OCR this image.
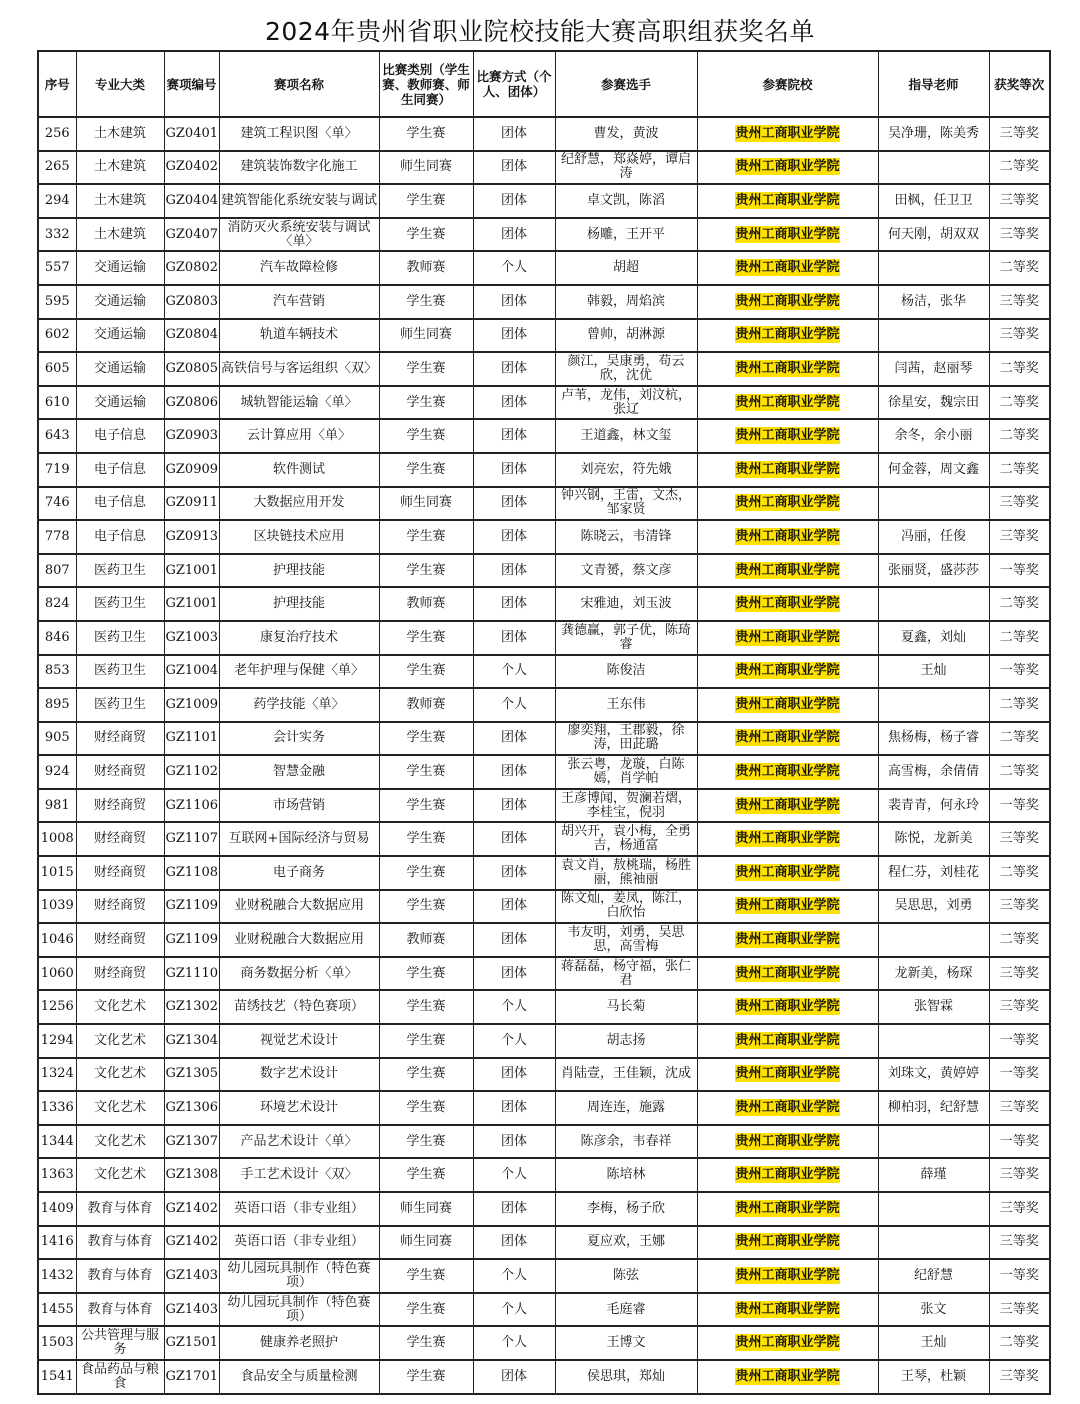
2024年贵州省职业院校技能大赛高职组获奖名单
序号	专业大类	赛项编号	赛项名称	比赛类别（学生赛、教师赛、师生同赛）	比赛方式（个人、团体）	参赛选手	参赛院校	指导老师	获奖等次
256	土木建筑	GZ0401	建筑工程识图〈单〉	学生赛	团体	曹发，黄波	贵州工商职业学院	吴净珊，陈美秀	三等奖
265	土木建筑	GZ0402	建筑装饰数字化施工	师生同赛	团体	纪舒慧，郑焱婷，谭启涛	贵州工商职业学院		二等奖
294	土木建筑	GZ0404	建筑智能化系统安装与调试	学生赛	团体	卓文凯，陈滔	贵州工商职业学院	田枫，任卫卫	三等奖
332	土木建筑	GZ0407	消防灭火系统安装与调试〈单〉	学生赛	团体	杨雕，王开平	贵州工商职业学院	何天刚，胡双双	三等奖
557	交通运输	GZ0802	汽车故障检修	教师赛	个人	胡超	贵州工商职业学院		二等奖
595	交通运输	GZ0803	汽车营销	学生赛	团体	韩毅，周焰滨	贵州工商职业学院	杨洁，张华	三等奖
602	交通运输	GZ0804	轨道车辆技术	师生同赛	团体	曾帅，胡淋源	贵州工商职业学院		三等奖
605	交通运输	GZ0805	高铁信号与客运组织〈双〉	学生赛	团体	颜江，吴康勇，苟云欣，沈优	贵州工商职业学院	闫茜，赵丽琴	二等奖
610	交通运输	GZ0806	城轨智能运输〈单〉	学生赛	团体	卢苇，龙伟，刘汶杭，张辽	贵州工商职业学院	徐星安，魏宗田	二等奖
643	电子信息	GZ0903	云计算应用〈单〉	学生赛	团体	王道鑫，林文玺	贵州工商职业学院	余冬，余小丽	二等奖
719	电子信息	GZ0909	软件测试	学生赛	团体	刘亮宏，符先娥	贵州工商职业学院	何金蓉，周文鑫	二等奖
746	电子信息	GZ0911	大数据应用开发	师生同赛	团体	钟兴钢，王雷，文杰，邹家贤	贵州工商职业学院		三等奖
778	电子信息	GZ0913	区块链技术应用	学生赛	团体	陈晓云，韦清锋	贵州工商职业学院	冯丽，任俊	三等奖
807	医药卫生	GZ1001	护理技能	学生赛	团体	文青赟，蔡文彦	贵州工商职业学院	张丽贤，盛莎莎	一等奖
824	医药卫生	GZ1001	护理技能	教师赛	团体	宋雅迪，刘玉波	贵州工商职业学院		二等奖
846	医药卫生	GZ1003	康复治疗技术	学生赛	团体	龚德赢，郭子优，陈琦睿	贵州工商职业学院	夏鑫，刘灿	二等奖
853	医药卫生	GZ1004	老年护理与保健〈单〉	学生赛	个人	陈俊洁	贵州工商职业学院	王灿	一等奖
895	医药卫生	GZ1009	药学技能〈单〉	教师赛	个人	王东伟	贵州工商职业学院		二等奖
905	财经商贸	GZ1101	会计实务	学生赛	团体	廖奕翔，王郡毅，徐涛，田茈璐	贵州工商职业学院	焦杨梅，杨子睿	二等奖
924	财经商贸	GZ1102	智慧金融	学生赛	团体	张云粤，龙璇，白陈嫣，肖学帕	贵州工商职业学院	高雪梅，余倩倩	二等奖
981	财经商贸	GZ1106	市场营销	学生赛	团体	王彦博闻，贺澜若熠，李桂宝，倪羽	贵州工商职业学院	裴青青，何永玲	一等奖
1008	财经商贸	GZ1107	互联网+国际经济与贸易	学生赛	团体	胡兴开，袁小梅，全勇吉，杨通富	贵州工商职业学院	陈悦，龙新美	三等奖
1015	财经商贸	GZ1108	电子商务	学生赛	团体	袁文肖，敖桃瑞，杨胜丽，熊袖丽	贵州工商职业学院	程仁芬，刘桂花	二等奖
1039	财经商贸	GZ1109	业财税融合大数据应用	学生赛	团体	陈文灿，姜凤，陈江，白欣怡	贵州工商职业学院	吴思思，刘勇	三等奖
1046	财经商贸	GZ1109	业财税融合大数据应用	教师赛	团体	韦友明，刘勇，吴思思，高雪梅	贵州工商职业学院		二等奖
1060	财经商贸	GZ1110	商务数据分析〈单〉	学生赛	团体	蒋磊磊，杨守福，张仁君	贵州工商职业学院	龙新美，杨琛	三等奖
1256	文化艺术	GZ1302	苗绣技艺（特色赛项）	学生赛	个人	马长菊	贵州工商职业学院	张智霖	三等奖
1294	文化艺术	GZ1304	视觉艺术设计	学生赛	个人	胡志扬	贵州工商职业学院		一等奖
1324	文化艺术	GZ1305	数字艺术设计	学生赛	团体	肖陆壹，王佳颖，沈成	贵州工商职业学院	刘珠文，黄婷婷	一等奖
1336	文化艺术	GZ1306	环境艺术设计	学生赛	团体	周连连，施露	贵州工商职业学院	柳柏羽，纪舒慧	三等奖
1344	文化艺术	GZ1307	产品艺术设计〈单〉	学生赛	团体	陈彦余，韦春祥	贵州工商职业学院		一等奖
1363	文化艺术	GZ1308	手工艺术设计〈双〉	学生赛	个人	陈培林	贵州工商职业学院	薛瑾	三等奖
1409	教育与体育	GZ1402	英语口语（非专业组）	师生同赛	团体	李梅，杨子欣	贵州工商职业学院		三等奖
1416	教育与体育	GZ1402	英语口语（非专业组）	师生同赛	团体	夏应欢，王娜	贵州工商职业学院		三等奖
1432	教育与体育	GZ1403	幼儿园玩具制作（特色赛项）	学生赛	个人	陈弦	贵州工商职业学院	纪舒慧	一等奖
1455	教育与体育	GZ1403	幼儿园玩具制作（特色赛项）	学生赛	个人	毛庭睿	贵州工商职业学院	张文	三等奖
1503	公共管理与服务	GZ1501	健康养老照护	学生赛	个人	王博文	贵州工商职业学院	王灿	二等奖
1541	食品药品与粮食	GZ1701	食品安全与质量检测	学生赛	团体	侯思琪，郑灿	贵州工商职业学院	王琴，杜颖	三等奖
